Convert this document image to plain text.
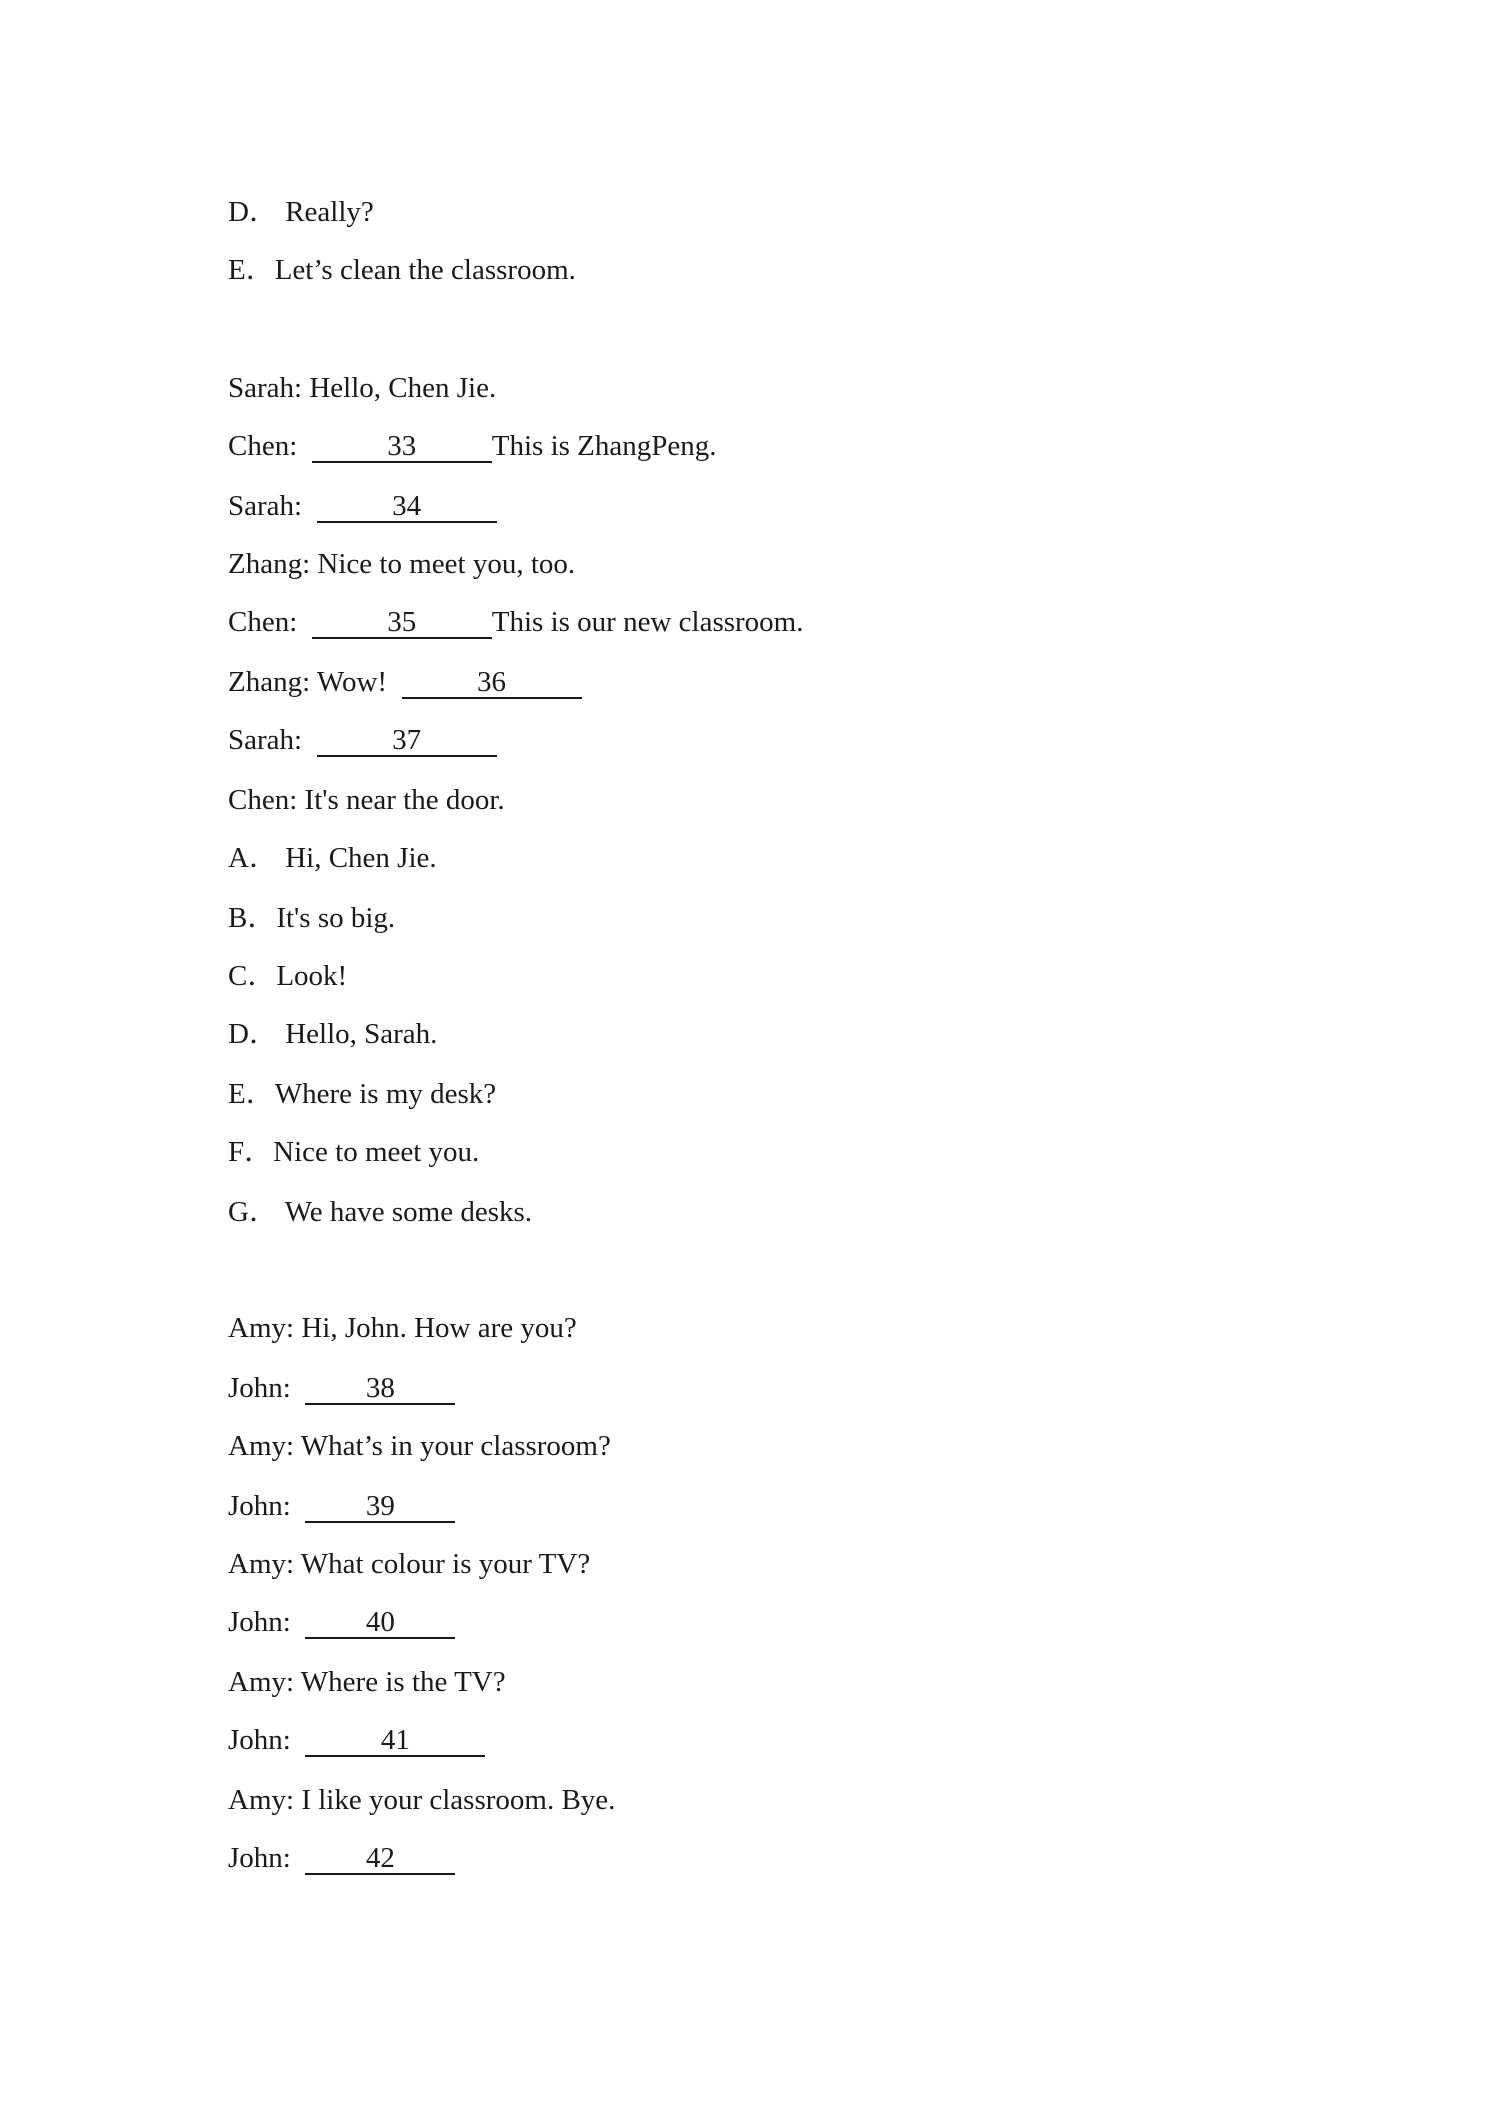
D． Really?
E．Let’s clean the classroom.
Sarah: Hello, Chen Jie.
Chen:	33	This is ZhangPeng.
Sarah:	34
Zhang: Nice to meet you, too.
Chen:	35	This is our new classroom.
Zhang: Wow!	36
Sarah:	37
Chen: It's near the door.
A． Hi, Chen Jie.
B．It's so big.
C．Look!
D． Hello, Sarah.
E．Where is my desk?
F．Nice to meet you.
G． We have some desks.
Amy: Hi, John. How are you?
John:	38
Amy: What’s in your classroom?
John:	39
Amy: What colour is your TV?
John:	40
Amy: Where is the TV?
John:	41
Amy: I like your classroom. Bye.
John:	42
